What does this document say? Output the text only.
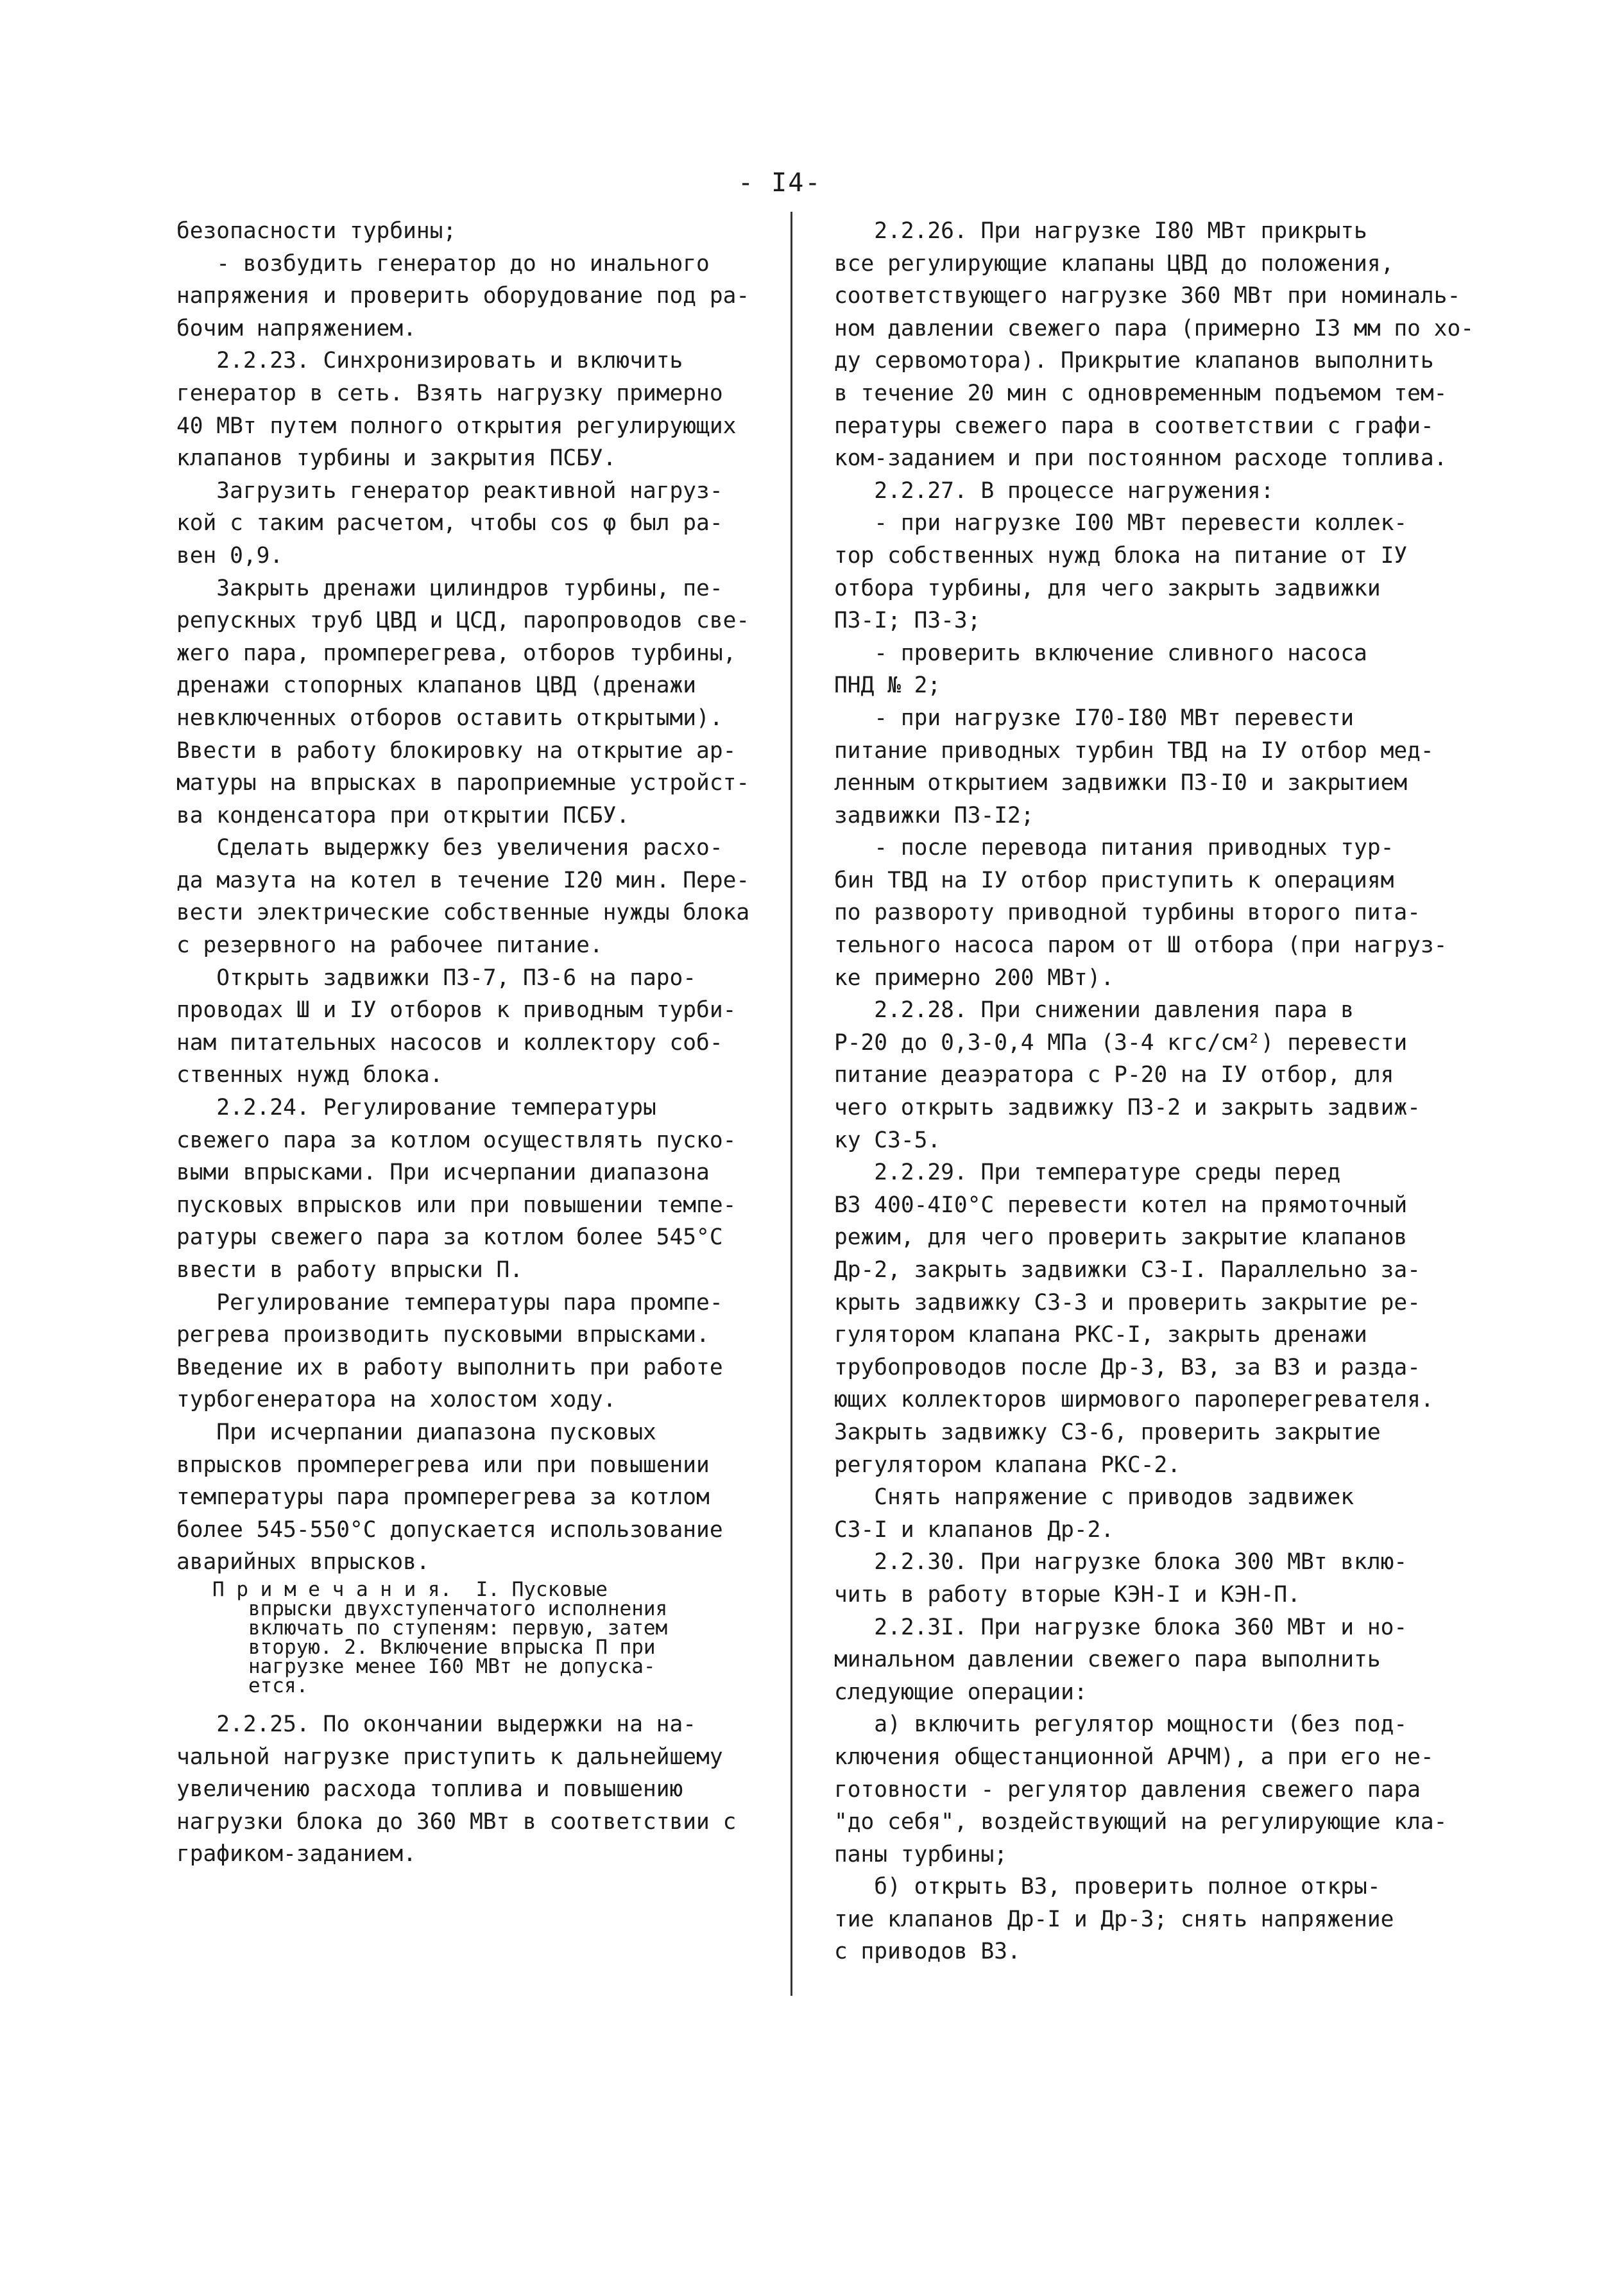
- I4-
безопасности турбины;
- возбудить генератор до но инального
напряжения и проверить оборудование под ра-
бочим напряжением.
2.2.23. Синхронизировать и включить
генератор в сеть. Взять нагрузку примерно
40 МВт путем полного открытия регулирующих
клапанов турбины и закрытия ПСБУ.
Загрузить генератор реактивной нагруз-
кой с таким расчетом, чтобы cos φ был ра-
вен 0,9.
Закрыть дренажи цилиндров турбины, пе-
репускных труб ЦВД и ЦСД, паропроводов све-
жего пара, промперегрева, отборов турбины,
дренажи стопорных клапанов ЦВД (дренажи
невключенных отборов оставить открытыми).
Ввести в работу блокировку на открытие ар-
матуры на впрысках в пароприемные устройст-
ва конденсатора при открытии ПСБУ.
Сделать выдержку без увеличения расхо-
да мазута на котел в течение I20 мин. Пере-
вести электрические собственные нужды блока
с резервного на рабочее питание.
Открыть задвижки ПЗ-7, ПЗ-6 на паро-
проводах Ш и IУ отборов к приводным турби-
нам питательных насосов и коллектору соб-
ственных нужд блока.
2.2.24. Регулирование температуры
свежего пара за котлом осуществлять пуско-
выми впрысками. При исчерпании диапазона
пусковых впрысков или при повышении темпе-
ратуры свежего пара за котлом более 545°С
ввести в работу впрыски П.
Регулирование температуры пара промпе-
регрева производить пусковыми впрысками.
Введение их в работу выполнить при работе
турбогенератора на холостом ходу.
При исчерпании диапазона пусковых
впрысков промперегрева или при повышении
температуры пара промперегрева за котлом
более 545-550°С допускается использование
аварийных впрысков.
П р и м е ч а н и я.  I. Пусковые
впрыски двухступенчатого исполнения
включать по ступеням: первую, затем
вторую. 2. Включение впрыска П при
нагрузке менее I60 МВт не допуска-
ется.
2.2.25. По окончании выдержки на на-
чальной нагрузке приступить к дальнейшему
увеличению расхода топлива и повышению
нагрузки блока до 360 МВт в соответствии с
графиком-заданием.
2.2.26. При нагрузке I80 МВт прикрыть
все регулирующие клапаны ЦВД до положения,
соответствующего нагрузке 360 МВт при номиналь-
ном давлении свежего пара (примерно I3 мм по хо-
ду сервомотора). Прикрытие клапанов выполнить
в течение 20 мин с одновременным подъемом тем-
пературы свежего пара в соответствии с графи-
ком-заданием и при постоянном расходе топлива.
2.2.27. В процессе нагружения:
- при нагрузке I00 МВт перевести коллек-
тор собственных нужд блока на питание от IУ
отбора турбины, для чего закрыть задвижки
ПЗ-I; ПЗ-3;
- проверить включение сливного насоса
ПНД № 2;
- при нагрузке I70-I80 МВт перевести
питание приводных турбин ТВД на IУ отбор мед-
ленным открытием задвижки ПЗ-I0 и закрытием
задвижки ПЗ-I2;
- после перевода питания приводных тур-
бин ТВД на IУ отбор приступить к операциям
по развороту приводной турбины второго пита-
тельного насоса паром от Ш отбора (при нагруз-
ке примерно 200 МВт).
2.2.28. При снижении давления пара в
Р-20 до 0,3-0,4 МПа (3-4 кгс/см²) перевести
питание деаэратора с Р-20 на IУ отбор, для
чего открыть задвижку ПЗ-2 и закрыть задвиж-
ку СЗ-5.
2.2.29. При температуре среды перед
ВЗ 400-4I0°С перевести котел на прямоточный
режим, для чего проверить закрытие клапанов
Др-2, закрыть задвижки СЗ-I. Параллельно за-
крыть задвижку СЗ-3 и проверить закрытие ре-
гулятором клапана РКС-I, закрыть дренажи
трубопроводов после Др-3, ВЗ, за ВЗ и разда-
ющих коллекторов ширмового пароперегревателя.
Закрыть задвижку СЗ-6, проверить закрытие
регулятором клапана РКС-2.
Снять напряжение с приводов задвижек
СЗ-I и клапанов Др-2.
2.2.30. При нагрузке блока 300 МВт вклю-
чить в работу вторые КЭН-I и КЭН-П.
2.2.3I. При нагрузке блока 360 МВт и но-
минальном давлении свежего пара выполнить
следующие операции:
а) включить регулятор мощности (без под-
ключения общестанционной АРЧМ), а при его не-
готовности - регулятор давления свежего пара
"до себя", воздействующий на регулирующие кла-
паны турбины;
б) открыть ВЗ, проверить полное откры-
тие клапанов Др-I и Др-3; снять напряжение
с приводов ВЗ.
